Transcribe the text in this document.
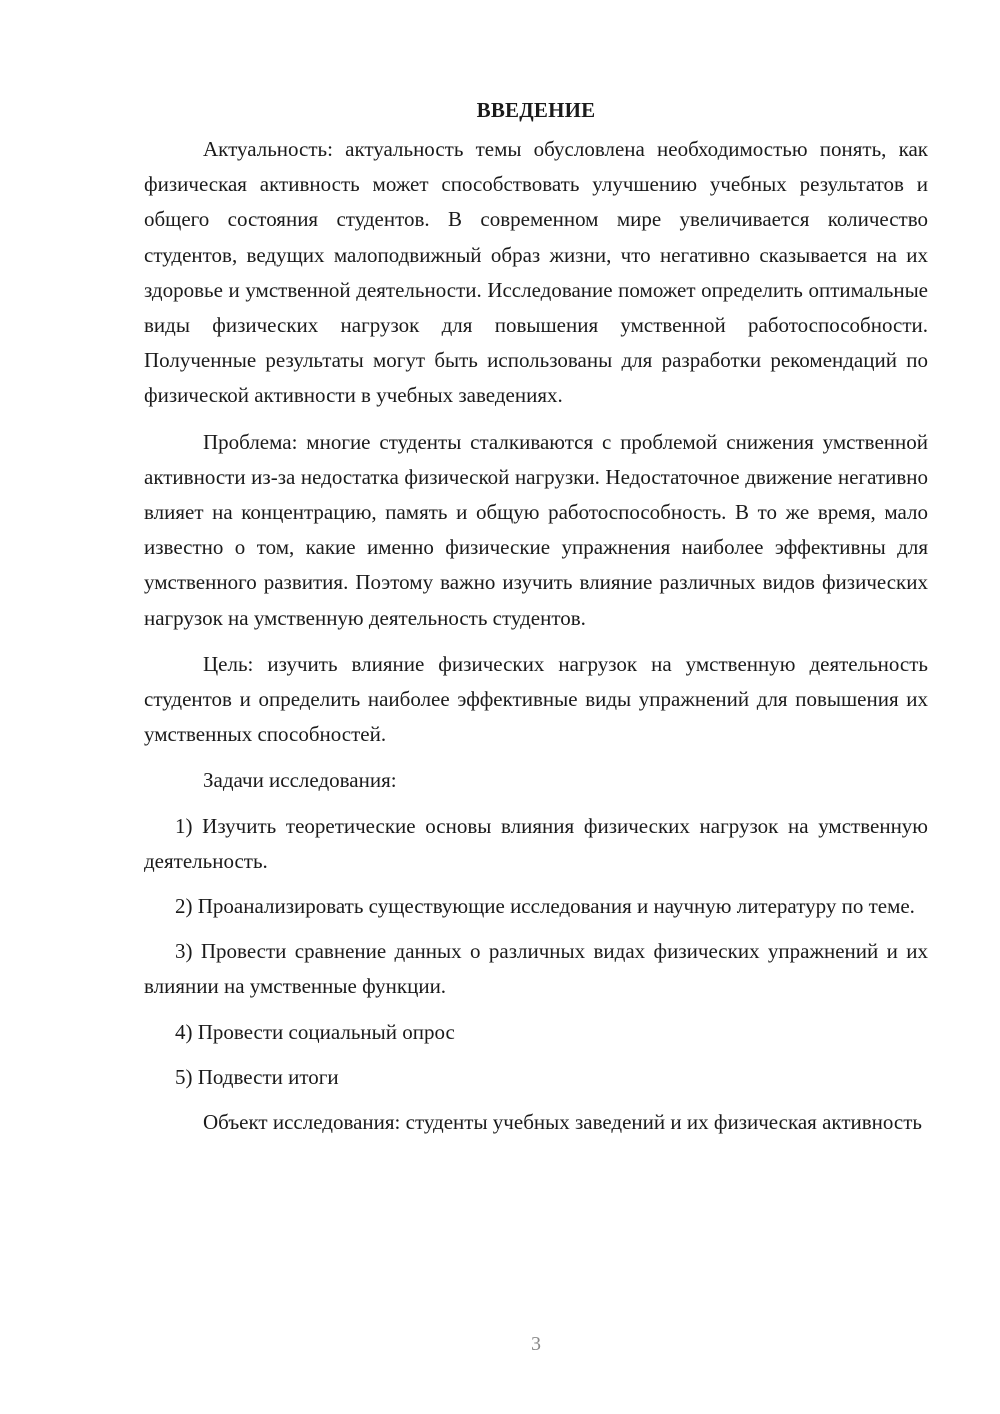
ВВЕДЕНИЕ

Актуальность: актуальность темы обусловлена необходимостью понять, как физическая активность может способствовать улучшению учебных результатов и общего состояния студентов. В современном мире увеличивается количество студентов, ведущих малоподвижный образ жизни, что негативно сказывается на их здоровье и умственной деятельности. Исследование поможет определить оптимальные виды физических нагрузок для повышения умственной работоспособности. Полученные результаты могут быть использованы для разработки рекомендаций по физической активности в учебных заведениях.

Проблема: многие студенты сталкиваются с проблемой снижения умственной активности из-за недостатка физической нагрузки. Недостаточное движение негативно влияет на концентрацию, память и общую работоспособность. В то же время, мало известно о том, какие именно физические упражнения наиболее эффективны для умственного развития. Поэтому важно изучить влияние различных видов физических нагрузок на умственную деятельность студентов.

Цель: изучить влияние физических нагрузок на умственную деятельность студентов и определить наиболее эффективные виды упражнений для повышения их умственных способностей.

Задачи исследования:

1) Изучить теоретические основы влияния физических нагрузок на умственную деятельность.

2) Проанализировать существующие исследования и научную литературу по теме.

3) Провести сравнение данных о различных видах физических упражнений и их влиянии на умственные функции.

4) Провести социальный опрос

5) Подвести итоги

Объект исследования: студенты учебных заведений и их физическая активность

3
